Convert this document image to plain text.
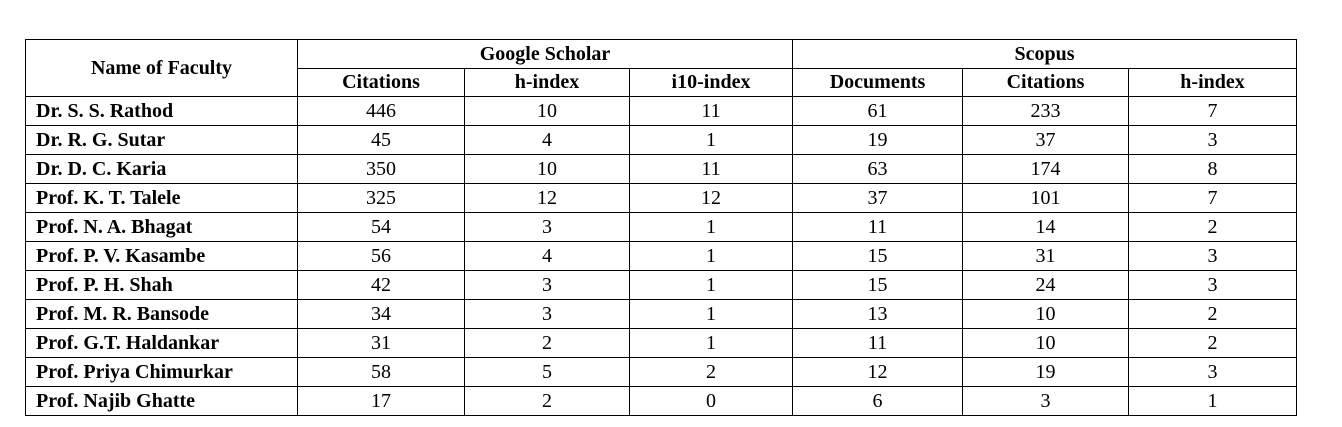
Name of Faculty	Google Scholar			Scopus		
	Citations	h-index	i10-index	Documents	Citations	h-index
Dr. S. S. Rathod	446	10	11	61	233	7
Dr. R. G. Sutar	45	4	1	19	37	3
Dr. D. C. Karia	350	10	11	63	174	8
Prof. K. T. Talele	325	12	12	37	101	7
Prof. N. A. Bhagat	54	3	1	11	14	2
Prof. P. V. Kasambe	56	4	1	15	31	3
Prof. P. H. Shah	42	3	1	15	24	3
Prof. M. R. Bansode	34	3	1	13	10	2
Prof. G.T. Haldankar	31	2	1	11	10	2
Prof. Priya Chimurkar	58	5	2	12	19	3
Prof. Najib Ghatte	17	2	0	6	3	1
